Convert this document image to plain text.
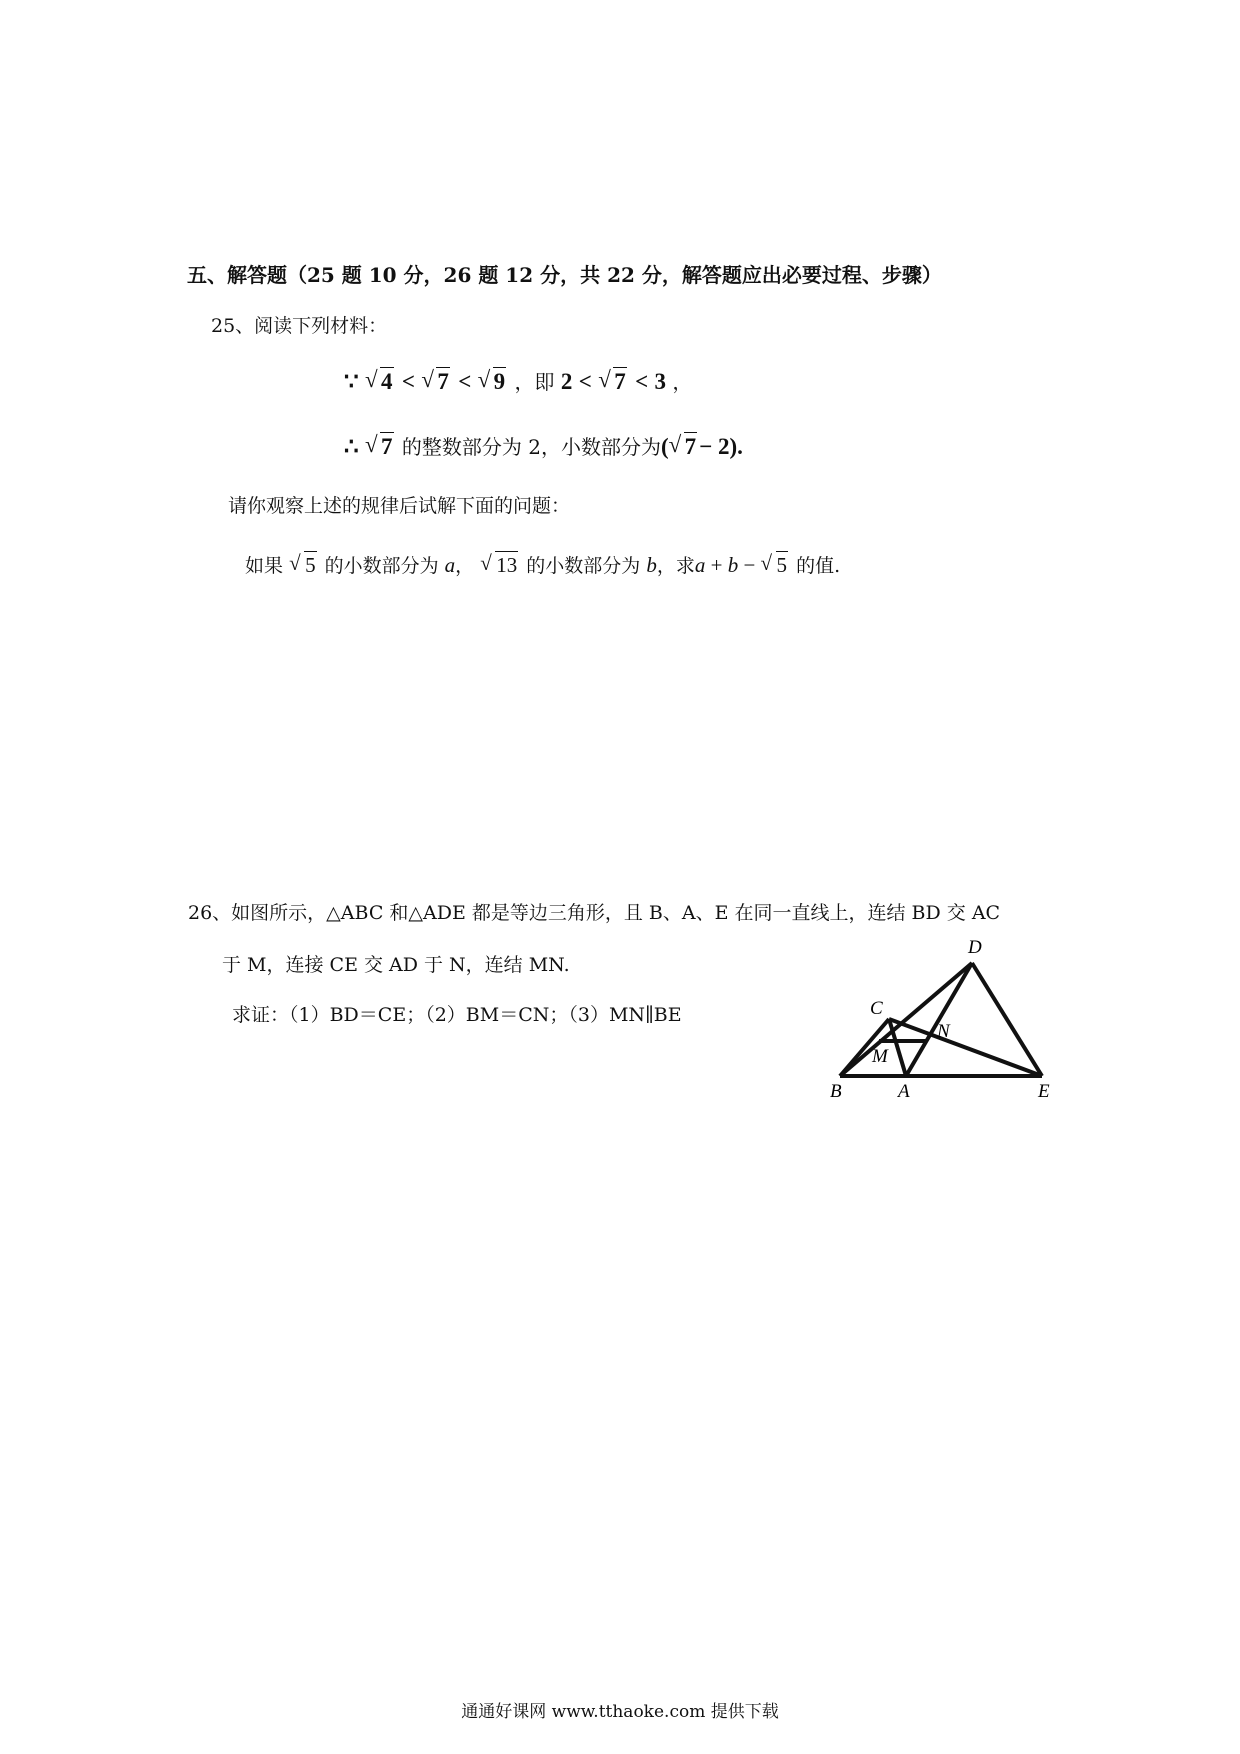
五、解答题（25 题 10 分，26 题 12 分，共 22 分，解答题应出必要过程、步骤）
25、阅读下列材料：
∵ √ 4 < √ 7 < √ 9 ，即 2 < √ 7 < 3 ，
∴ √ 7 的整数部分为 2，小数部分为( √ 7 − 2).
请你观察上述的规律后试解下面的问题：
如果 √ 5 的小数部分为 a， √ 13 的小数部分为 b，求a + b − √ 5 的值.
26、如图所示，△ABC 和△ADE 都是等边三角形，且 B、A、E 在同一直线上，连结 BD 交 AC
于 M，连接 CE 交 AD 于 N，连结 MN.
求证：（1）BD＝CE；（2）BM＝CN；（3）MN∥BE
D
C
N
M
B	A	E
通通好课网 www.tthaoke.com 提供下载
